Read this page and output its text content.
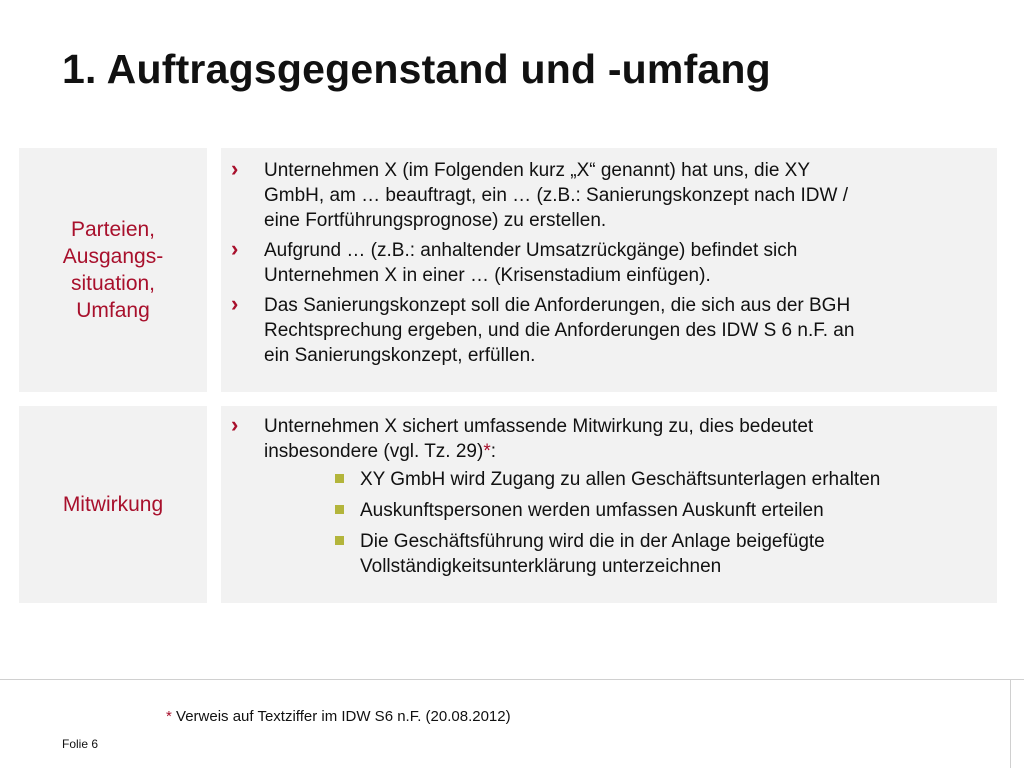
1. Auftragsgegenstand und -umfang
Parteien,
Ausgangs-
situation,
Umfang
› Unternehmen X (im Folgenden kurz „X“ genannt) hat uns, die XY
GmbH, am … beauftragt, ein … (z.B.: Sanierungskonzept nach IDW /
eine Fortführungsprognose) zu erstellen.
› Aufgrund … (z.B.: anhaltender Umsatzrückgänge) befindet sich
Unternehmen X in einer … (Krisenstadium einfügen).
› Das Sanierungskonzept soll die Anforderungen, die sich aus der BGH
Rechtsprechung ergeben, und die Anforderungen des IDW S 6 n.F. an
ein Sanierungskonzept, erfüllen.
Mitwirkung
› Unternehmen X sichert umfassende Mitwirkung zu, dies bedeutet
insbesondere (vgl. Tz. 29)*:
XY GmbH wird Zugang zu allen Geschäftsunterlagen erhalten
Auskunftspersonen werden umfassen Auskunft erteilen
Die Geschäftsführung wird die in der Anlage beigefügte
Vollständigkeitsunterklärung unterzeichnen
* Verweis auf Textziffer im IDW S6 n.F. (20.08.2012)
Folie 6
